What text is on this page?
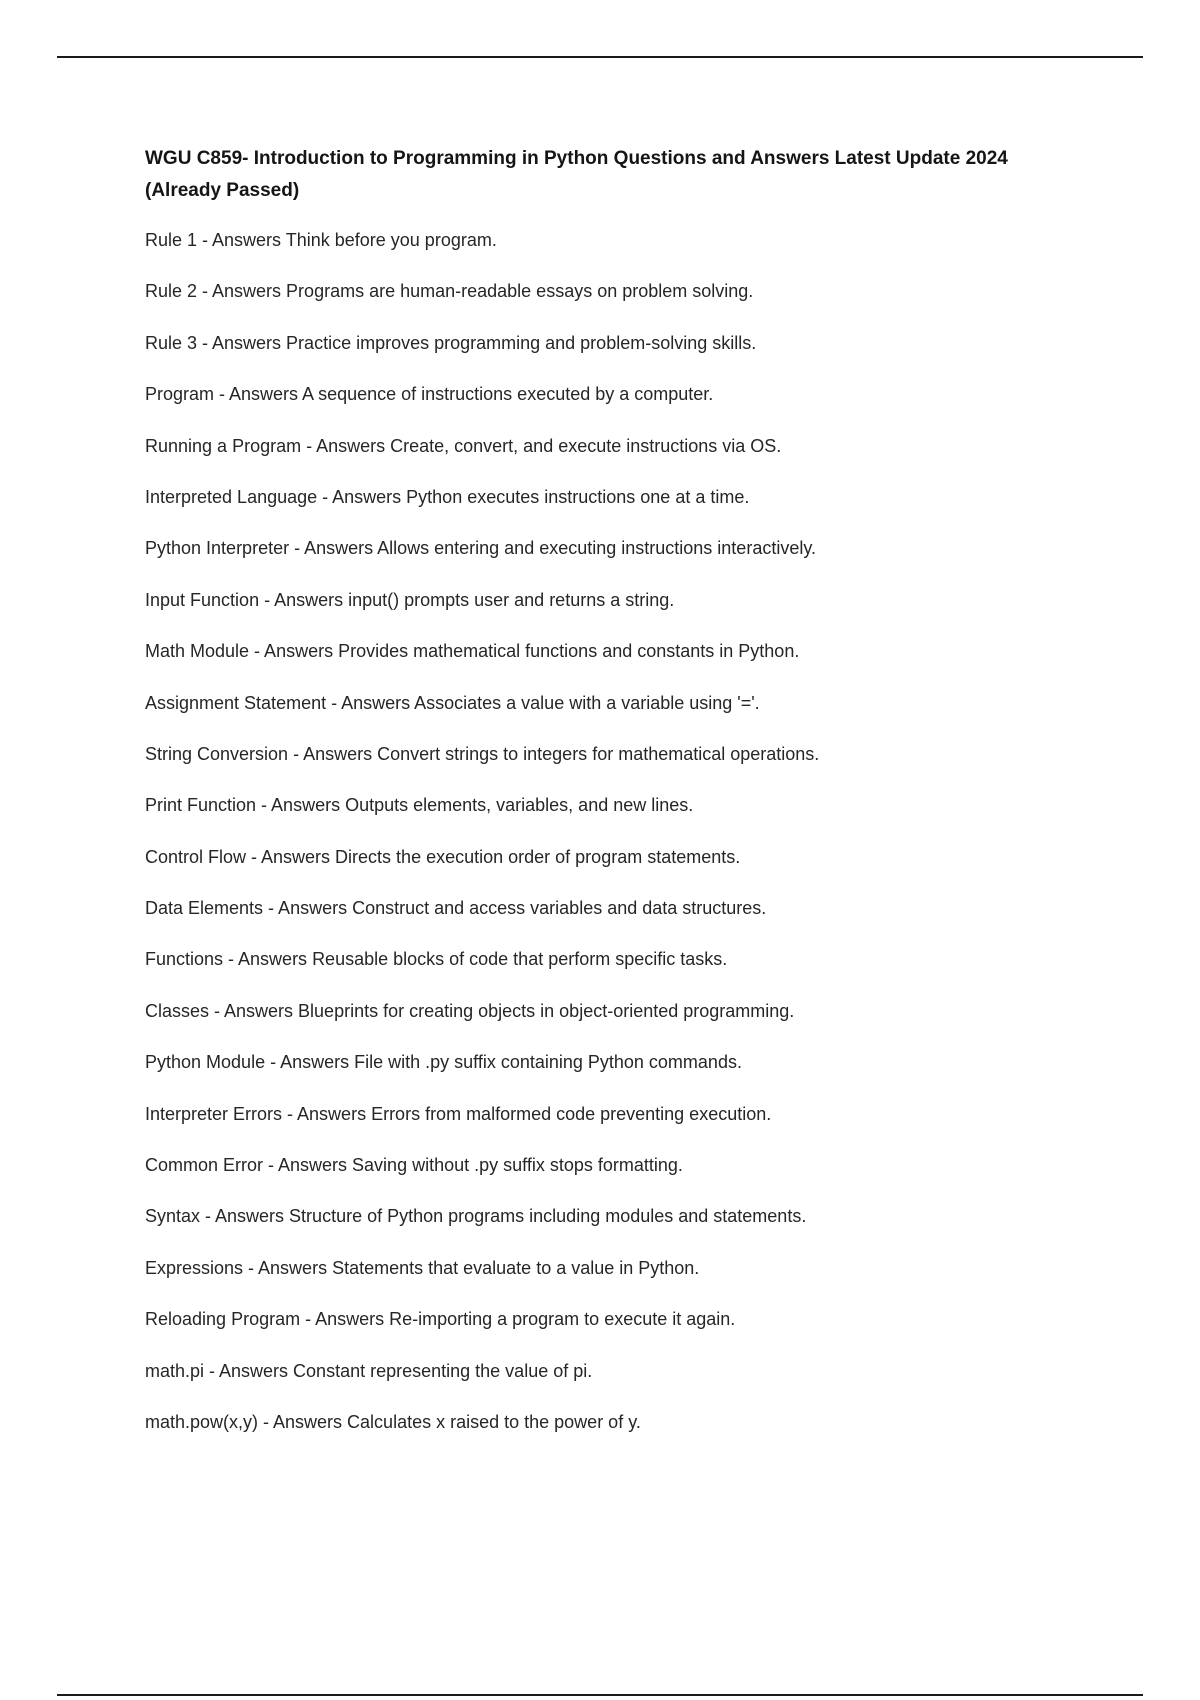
WGU C859- Introduction to Programming in Python Questions and Answers Latest Update 2024 (Already Passed)
Rule 1 - Answers Think before you program.
Rule 2 - Answers Programs are human-readable essays on problem solving.
Rule 3 - Answers Practice improves programming and problem-solving skills.
Program - Answers A sequence of instructions executed by a computer.
Running a Program - Answers Create, convert, and execute instructions via OS.
Interpreted Language - Answers Python executes instructions one at a time.
Python Interpreter - Answers Allows entering and executing instructions interactively.
Input Function - Answers input() prompts user and returns a string.
Math Module - Answers Provides mathematical functions and constants in Python.
Assignment Statement - Answers Associates a value with a variable using '='.
String Conversion - Answers Convert strings to integers for mathematical operations.
Print Function - Answers Outputs elements, variables, and new lines.
Control Flow - Answers Directs the execution order of program statements.
Data Elements - Answers Construct and access variables and data structures.
Functions - Answers Reusable blocks of code that perform specific tasks.
Classes - Answers Blueprints for creating objects in object-oriented programming.
Python Module - Answers File with .py suffix containing Python commands.
Interpreter Errors - Answers Errors from malformed code preventing execution.
Common Error - Answers Saving without .py suffix stops formatting.
Syntax - Answers Structure of Python programs including modules and statements.
Expressions - Answers Statements that evaluate to a value in Python.
Reloading Program - Answers Re-importing a program to execute it again.
math.pi - Answers Constant representing the value of pi.
math.pow(x,y) - Answers Calculates x raised to the power of y.
